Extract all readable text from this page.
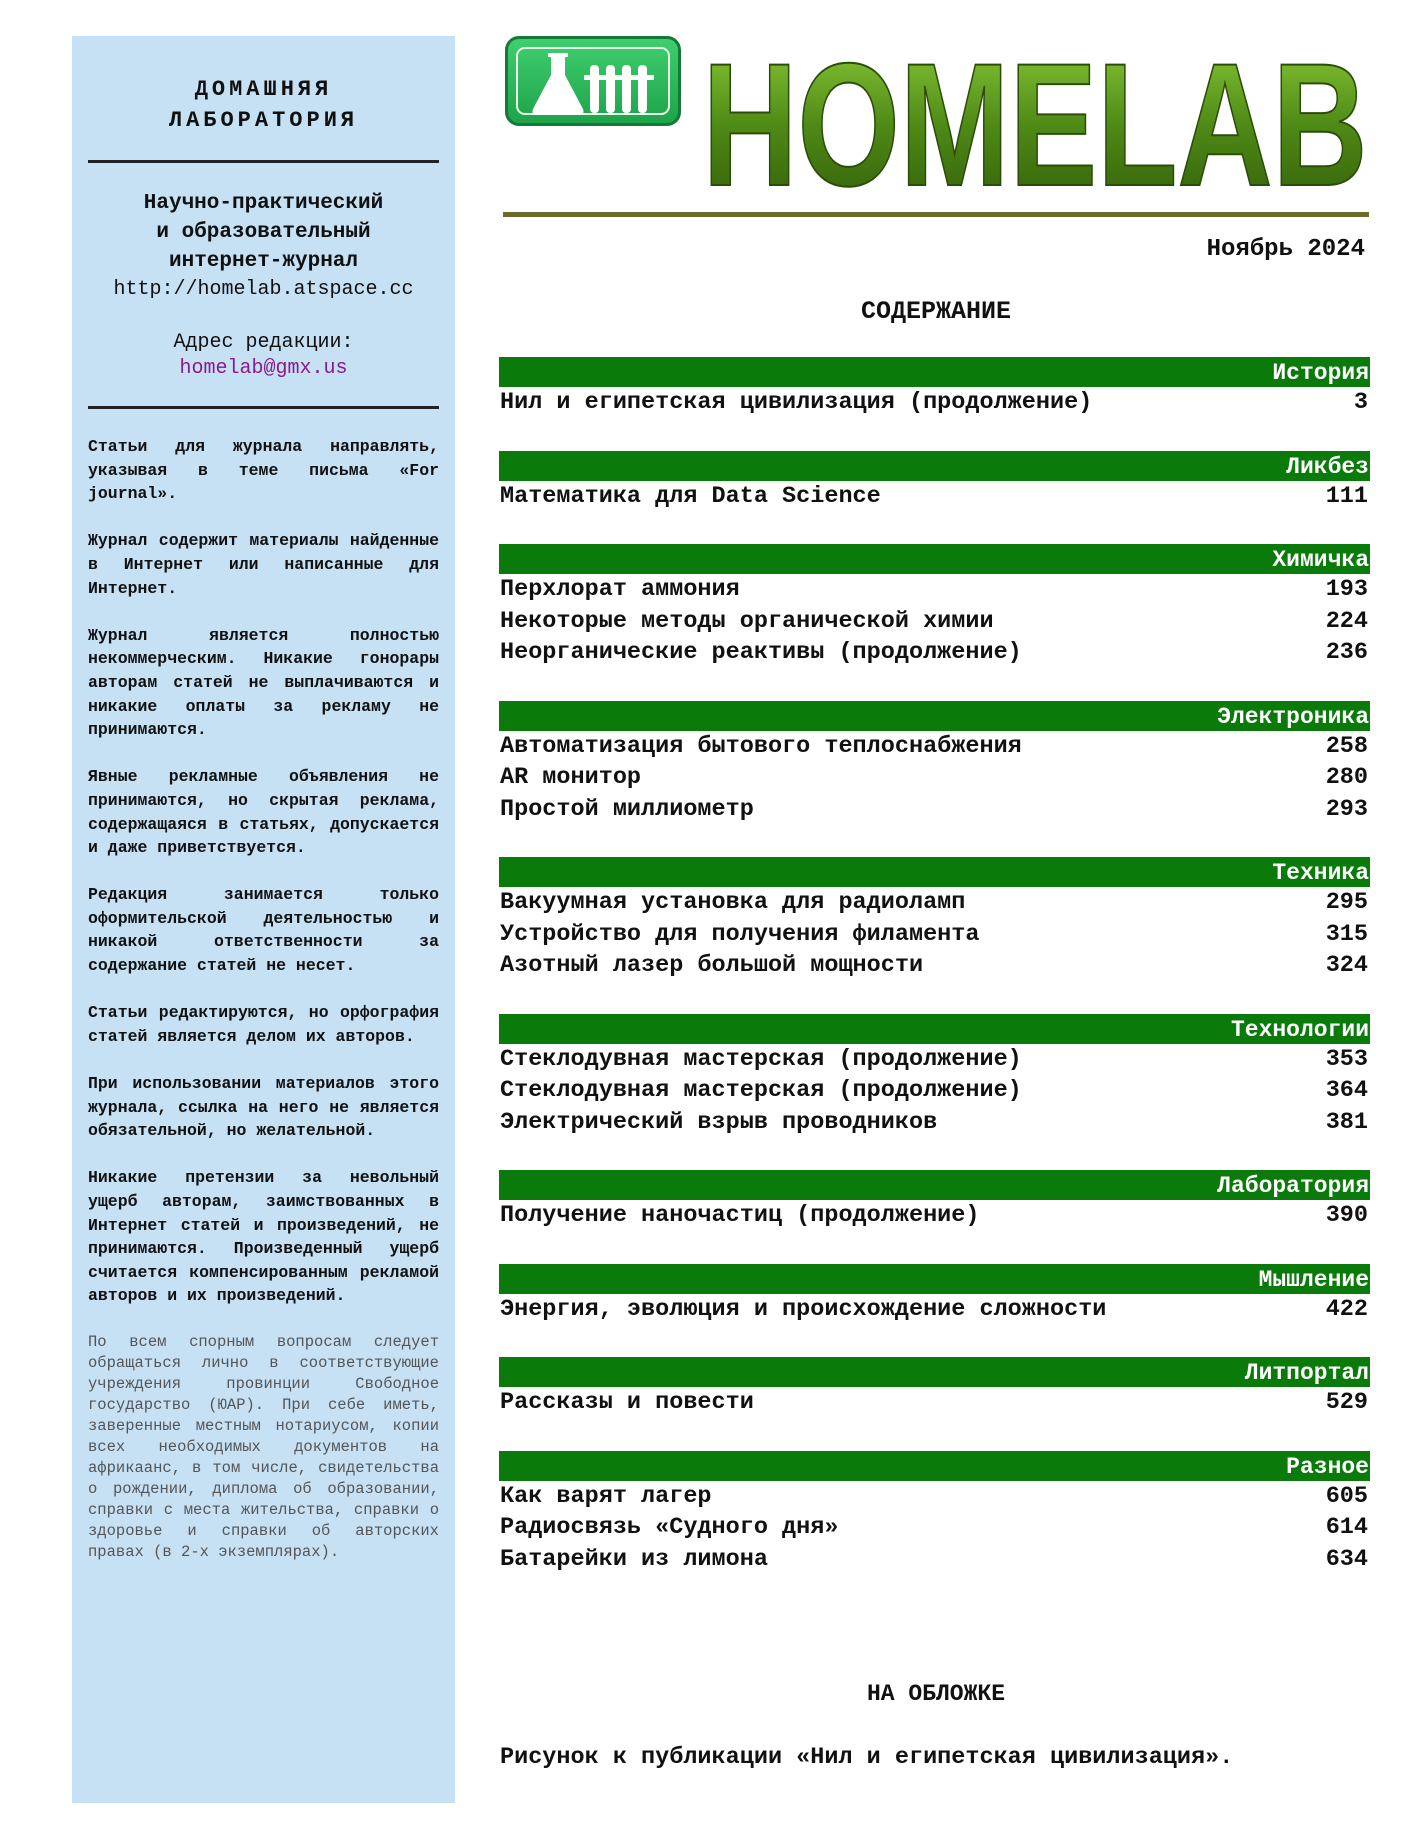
ДОМАШНЯЯ
ЛАБОРАТОРИЯ
Научно-практический
и образовательный
интернет-журнал
http://homelab.atspace.cc
Адрес редакции:
homelab@gmx.us

Статьи для журнала направлять, указывая в теме письма «For journal».

Журнал содержит материалы найденные в Интернет или написанные для Интернет.

Журнал является полностью некоммерческим. Никакие гонорары авторам статей не выплачиваются и никакие оплаты за рекламу не принимаются.

Явные рекламные объявления не принимаются, но скрытая реклама, содержащаяся в статьях, допускается и даже приветствуется.

Редакция занимается только оформительской деятельностью и никакой ответственности за содержание статей не несет.

Статьи редактируются, но орфография статей является делом их авторов.

При использовании материалов этого журнала, ссылка на него не является обязательной, но желательной.

Никакие претензии за невольный ущерб авторам, заимствованных в Интернет статей и произведений, не принимаются. Произведенный ущерб считается компенсированным рекламой авторов и их произведений.

По всем спорным вопросам следует обращаться лично в соответствующие учреждения провинции Свободное государство (ЮАР). При себе иметь, заверенные местным нотариусом, копии всех необходимых документов на африкаанс, в том числе, свидетельства о рождении, диплома об образовании, справки с места жительства, справки о здоровье и справки об авторских правах (в 2-х экземплярах).

HOMELAB
Ноябрь 2024
СОДЕРЖАНИЕ
История
Нил и египетская цивилизация (продолжение)	3
Ликбез
Математика для Data Science	111
Химичка
Перхлорат аммония	193
Некоторые методы органической химии	224
Неорганические реактивы (продолжение)	236
Электроника
Автоматизация бытового теплоснабжения	258
AR монитор	280
Простой миллиометр	293
Техника
Вакуумная установка для радиоламп	295
Устройство для получения филамента	315
Азотный лазер большой мощности	324
Технологии
Стеклодувная мастерская (продолжение)	353
Стеклодувная мастерская (продолжение)	364
Электрический взрыв проводников	381
Лаборатория
Получение наночастиц (продолжение)	390
Мышление
Энергия, эволюция и происхождение сложности	422
Литпортал
Рассказы и повести	529
Разное
Как варят лагер	605
Радиосвязь «Судного дня»	614
Батарейки из лимона	634
НА ОБЛОЖКЕ
Рисунок к публикации «Нил и египетская цивилизация».
